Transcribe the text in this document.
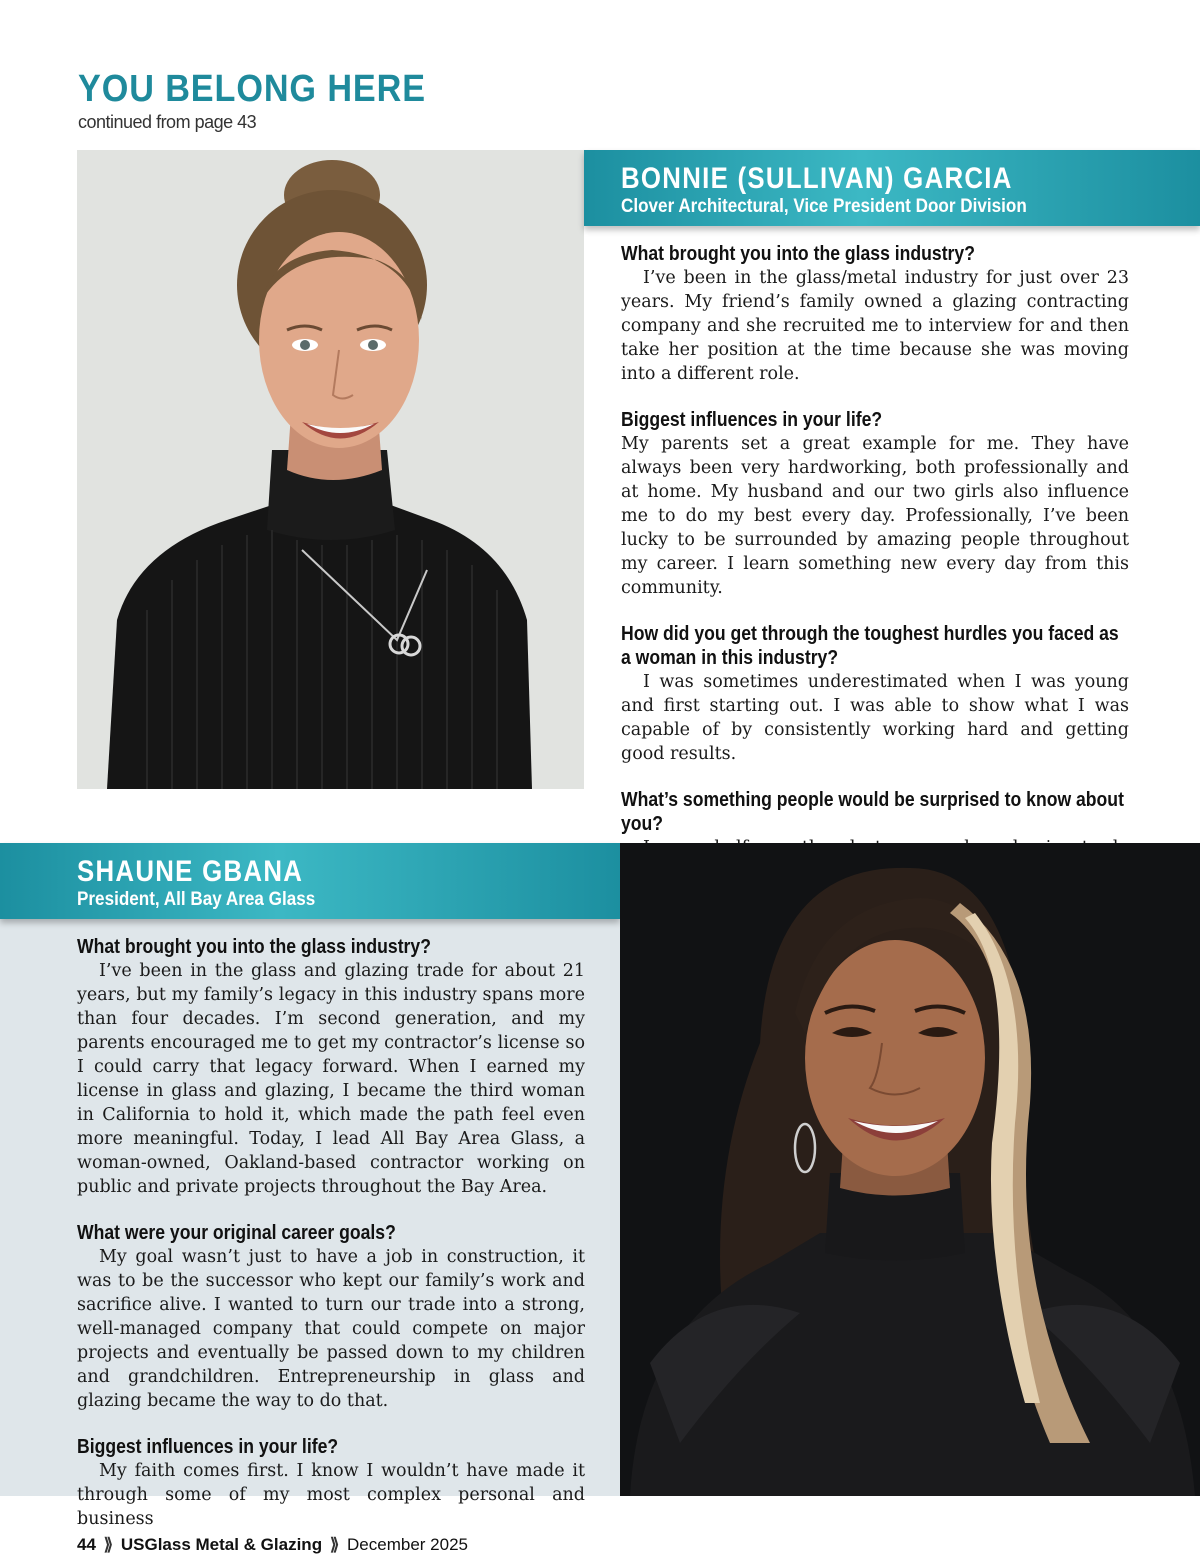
YOU BELONG HERE
continued from page 43
BONNIE (SULLIVAN) GARCIA
Clover Architectural, Vice President Door Division

What brought you into the glass industry?

I’ve been in the glass/metal industry for just over 23 years. My friend’s family owned a glazing contracting company and she recruited me to interview for and then take her position at the time because she was moving into a different role.

Biggest influences in your life?

My parents set a great example for me. They have always been very hardworking, both professionally and at home. My husband and our two girls also influence me to do my best every day. Professionally, I’ve been lucky to be surrounded by amazing people throughout my career. I learn something new every day from this community.

How did you get through the toughest hurdles you faced as a woman in this industry?

I was sometimes underestimated when I was young and first starting out. I was able to show what I was capable of by consistently working hard and getting good results.

What’s something people would be surprised to know about you?

SHAUNE GBANA
President, All Bay Area Glass

What brought you into the glass industry?

I’ve been in the glass and glazing trade for about 21 years, but my family’s legacy in this industry spans more than four decades. I’m second generation, and my parents encouraged me to get my contractor’s license so I could carry that legacy forward. When I earned my license in glass and glazing, I became the third woman in California to hold it, which made the path feel even more meaningful. Today, I lead All Bay Area Glass, a woman-owned, Oakland-based contractor working on public and private projects throughout the Bay Area.

What were your original career goals?

My goal wasn’t just to have a job in construction, it was to be the successor who kept our family’s work and sacrifice alive. I wanted to turn our trade into a strong, well-managed company that could compete on major projects and eventually be passed down to my children and grandchildren. Entrepreneurship in glass and glazing became the way to do that.

Biggest influences in your life?

My faith comes first. I know I wouldn’t have made it through some of my most complex personal and business

44 ⟫ USGlass Metal & Glazing ⟫ December 2025
